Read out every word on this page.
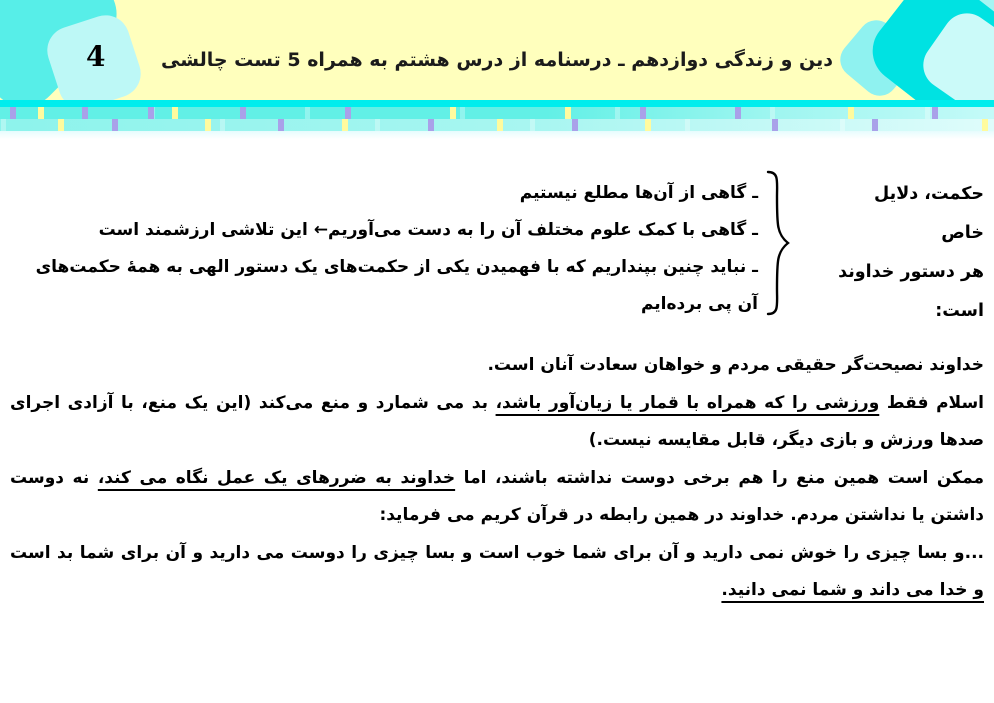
4	دین و زندگی دوازدهم ـ درسنامه از درس هشتم به همراه 5 تست چالشی
ـ گاهی از آن‌ها مطلع نیستیم
ـ گاهی با کمک علوم مختلف آن را به دست می‌آوریم← این تلاشی ارزشمند است
ـ نباید چنین بپنداریم که با فهمیدن یکی از حکمت‌های یک دستور الهی به همهٔ حکمت‌های آن پی برده‌ایم
حکمت، دلایل خاص
هر دستور خداوند
است:

خداوند نصیحت‌گر حقیقی مردم و خواهان سعادت آنان است.

اسلام فقط ورزشی را که همراه با قمار یا زیان‌آور باشد، بد می شمارد و منع می‌کند (این یک منع، با آزادی اجرای صدها ورزش و بازی دیگر، قابل مقایسه نیست.)

ممکن است همین منع را هم برخی دوست نداشته باشند، اما خداوند به ضررهای یک عمل نگاه می کند، نه دوست داشتن یا نداشتن مردم. خداوند در همین رابطه در قرآن کریم می فرماید:

...و بسا چیزی را خوش نمی دارید و آن برای شما خوب است و بسا چیزی را دوست می دارید و آن برای شما بد است و خدا می داند و شما نمی دانید.
